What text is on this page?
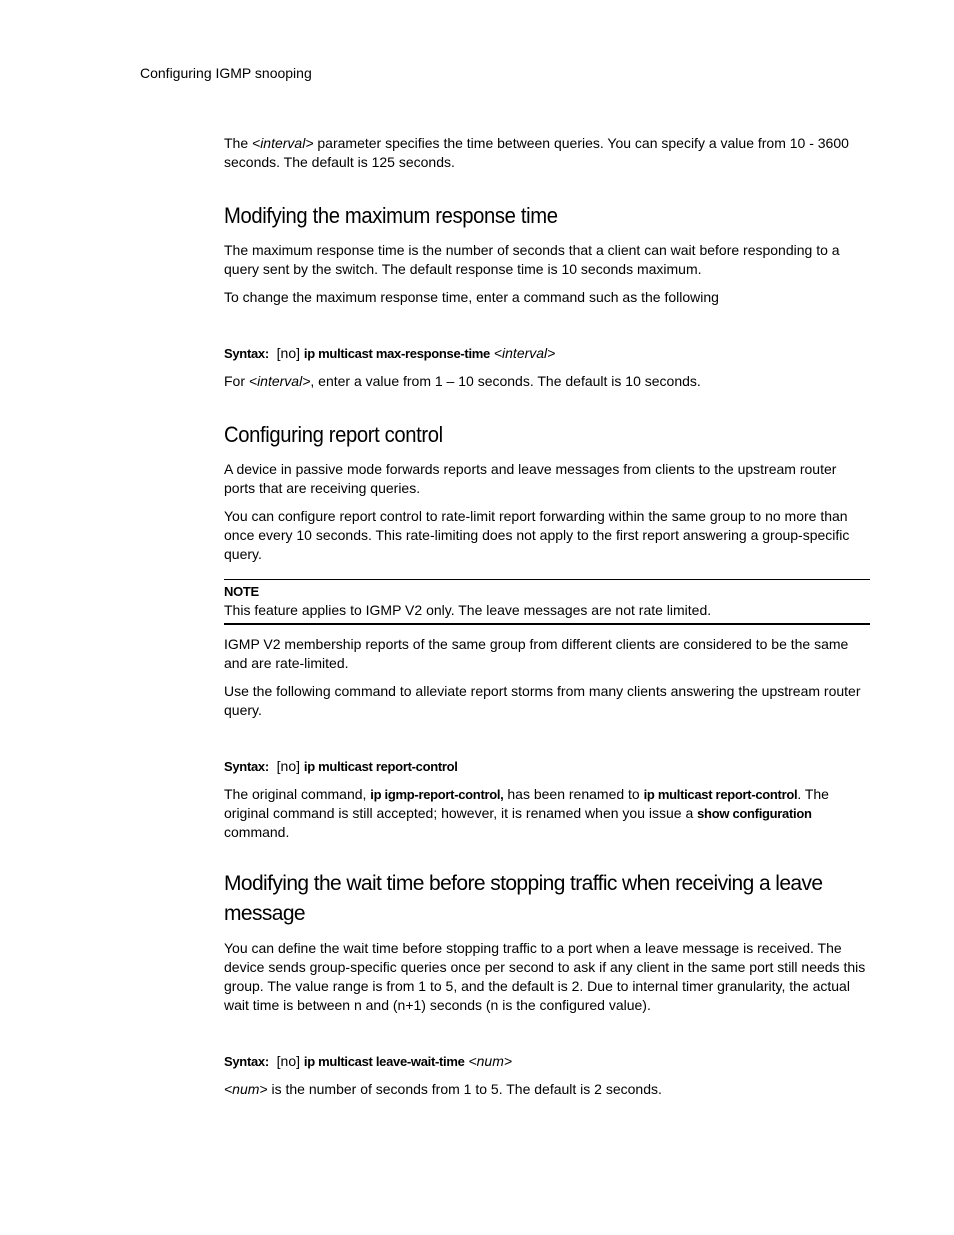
Configuring IGMP snooping

The <interval> parameter specifies the time between queries. You can specify a value from 10 - 3600 seconds. The default is 125 seconds.

Modifying the maximum response time

The maximum response time is the number of seconds that a client can wait before responding to a query sent by the switch. The default response time is 10 seconds maximum.

To change the maximum response time, enter a command such as the following

Syntax: [no] ip multicast max-response-time <interval>

For <interval>, enter a value from 1 – 10 seconds. The default is 10 seconds.

Configuring report control

A device in passive mode forwards reports and leave messages from clients to the upstream router ports that are receiving queries.

You can configure report control to rate-limit report forwarding within the same group to no more than once every 10 seconds. This rate-limiting does not apply to the first report answering a group-specific query.

NOTE
This feature applies to IGMP V2 only. The leave messages are not rate limited.

IGMP V2 membership reports of the same group from different clients are considered to be the same and are rate-limited.

Use the following command to alleviate report storms from many clients answering the upstream router query.

Syntax: [no] ip multicast report-control

The original command, ip igmp-report-control, has been renamed to ip multicast report-control. The original command is still accepted; however, it is renamed when you issue a show configuration command.

Modifying the wait time before stopping traffic when receiving a leave message

You can define the wait time before stopping traffic to a port when a leave message is received. The device sends group-specific queries once per second to ask if any client in the same port still needs this group. The value range is from 1 to 5, and the default is 2. Due to internal timer granularity, the actual wait time is between n and (n+1) seconds (n is the configured value).

Syntax: [no] ip multicast leave-wait-time <num>

<num> is the number of seconds from 1 to 5. The default is 2 seconds.
